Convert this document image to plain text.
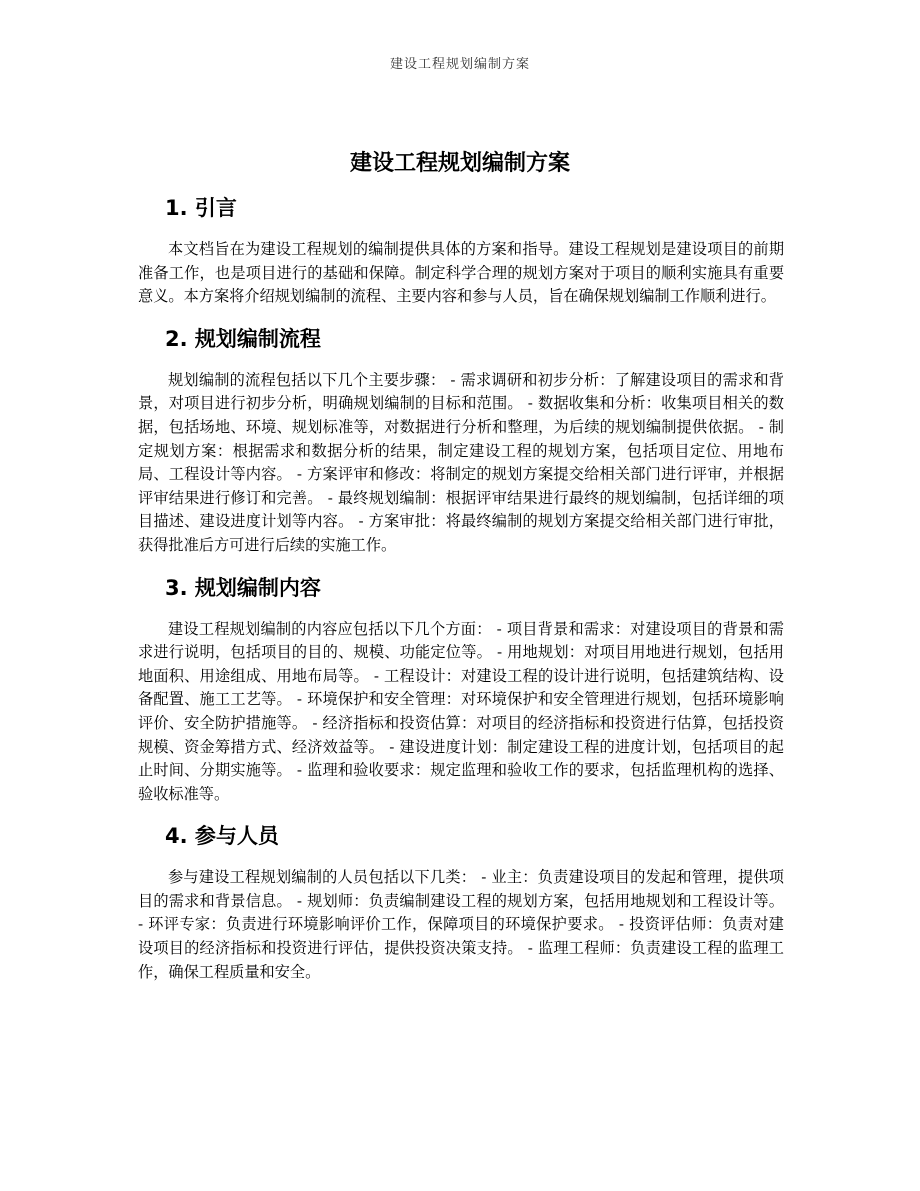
建设工程规划编制方案
建设工程规划编制方案
1. 引言

本文档旨在为建设工程规划的编制提供具体的方案和指导。建设工程规划是建设项目的前期准备工作，也是项目进行的基础和保障。制定科学合理的规划方案对于项目的顺利实施具有重要意义。本方案将介绍规划编制的流程、主要内容和参与人员，旨在确保规划编制工作顺利进行。

2. 规划编制流程

规划编制的流程包括以下几个主要步骤： - 需求调研和初步分析：了解建设项目的需求和背景，对项目进行初步分析，明确规划编制的目标和范围。 - 数据收集和分析：收集项目相关的数据，包括场地、环境、规划标准等，对数据进行分析和整理，为后续的规划编制提供依据。 - 制定规划方案：根据需求和数据分析的结果，制定建设工程的规划方案，包括项目定位、用地布局、工程设计等内容。 - 方案评审和修改：将制定的规划方案提交给相关部门进行评审，并根据评审结果进行修订和完善。 - 最终规划编制：根据评审结果进行最终的规划编制，包括详细的项目描述、建设进度计划等内容。 - 方案审批：将最终编制的规划方案提交给相关部门进行审批，获得批准后方可进行后续的实施工作。

3. 规划编制内容

建设工程规划编制的内容应包括以下几个方面： - 项目背景和需求：对建设项目的背景和需求进行说明，包括项目的目的、规模、功能定位等。 - 用地规划：对项目用地进行规划，包括用地面积、用途组成、用地布局等。 - 工程设计：对建设工程的设计进行说明，包括建筑结构、设备配置、施工工艺等。 - 环境保护和安全管理：对环境保护和安全管理进行规划，包括环境影响评价、安全防护措施等。 - 经济指标和投资估算：对项目的经济指标和投资进行估算，包括投资规模、资金筹措方式、经济效益等。 - 建设进度计划：制定建设工程的进度计划，包括项目的起止时间、分期实施等。 - 监理和验收要求：规定监理和验收工作的要求，包括监理机构的选择、验收标准等。

4. 参与人员

参与建设工程规划编制的人员包括以下几类： - 业主：负责建设项目的发起和管理，提供项目的需求和背景信息。 - 规划师：负责编制建设工程的规划方案，包括用地规划和工程设计等。 - 环评专家：负责进行环境影响评价工作，保障项目的环境保护要求。 - 投资评估师：负责对建设项目的经济指标和投资进行评估，提供投资决策支持。 - 监理工程师：负责建设工程的监理工作，确保工程质量和安全。
